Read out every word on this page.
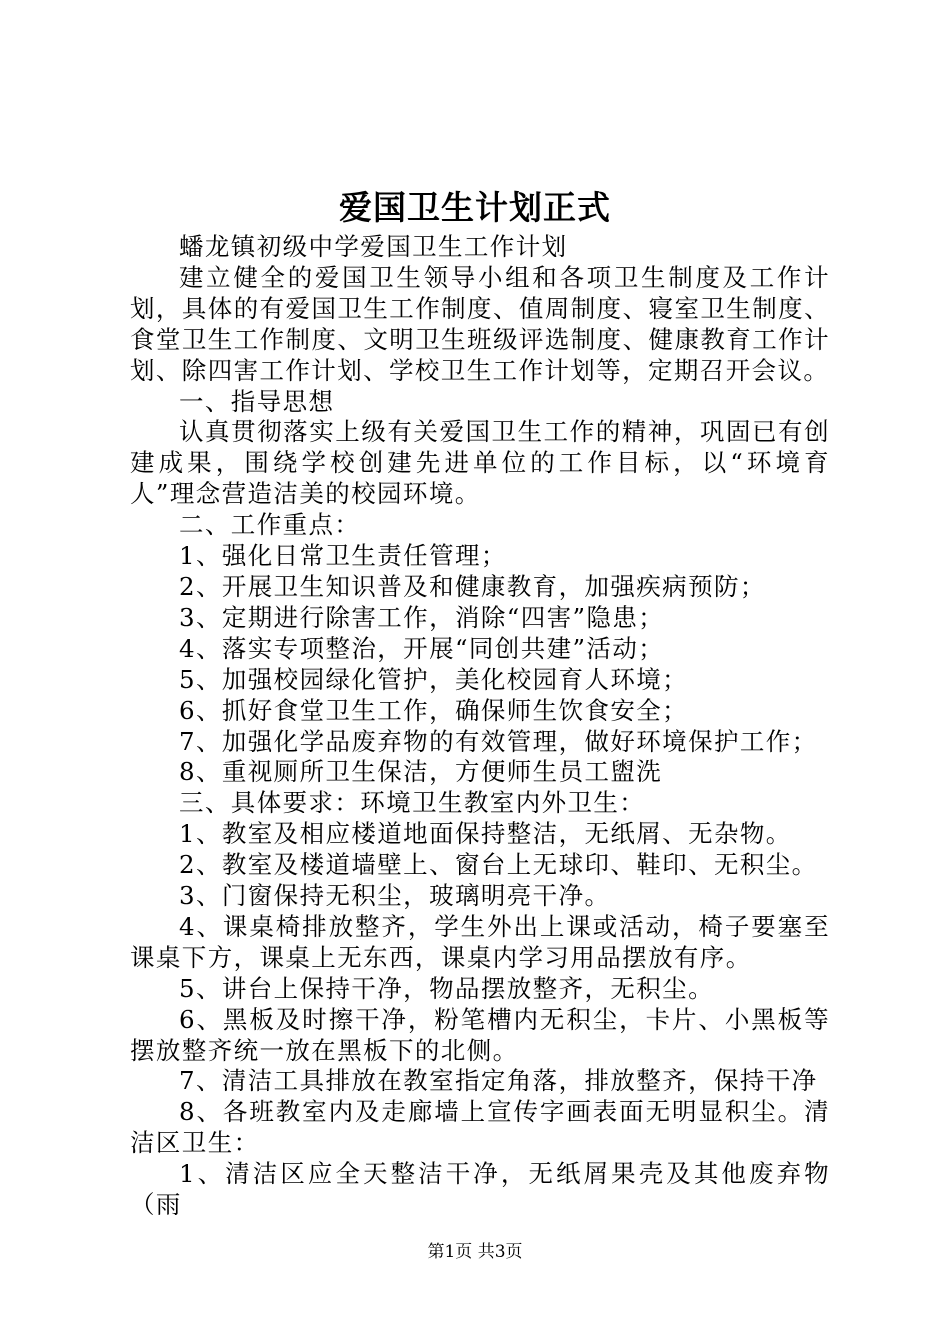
爱国卫生计划正式

蟠龙镇初级中学爱国卫生工作计划

建立健全的爱国卫生领导小组和各项卫生制度及工作计划，具体的有爱国卫生工作制度、值周制度、寝室卫生制度、食堂卫生工作制度、文明卫生班级评选制度、健康教育工作计划、除四害工作计划、学校卫生工作计划等，定期召开会议。

一、指导思想

认真贯彻落实上级有关爱国卫生工作的精神，巩固已有创建成果，围绕学校创建先进单位的工作目标，以“环境育人”理念营造洁美的校园环境。

二、工作重点：

1、强化日常卫生责任管理；

2、开展卫生知识普及和健康教育，加强疾病预防；

3、定期进行除害工作，消除“四害”隐患；

4、落实专项整治，开展“同创共建”活动；

5、加强校园绿化管护，美化校园育人环境；

6、抓好食堂卫生工作，确保师生饮食安全；

7、加强化学品废弃物的有效管理，做好环境保护工作；

8、重视厕所卫生保洁，方便师生员工盥洗

三、具体要求：环境卫生教室内外卫生：

1、教室及相应楼道地面保持整洁，无纸屑、无杂物。

2、教室及楼道墙壁上、窗台上无球印、鞋印、无积尘。

3、门窗保持无积尘，玻璃明亮干净。

4、课桌椅排放整齐，学生外出上课或活动，椅子要塞至课桌下方，课桌上无东西，课桌内学习用品摆放有序。

5、讲台上保持干净，物品摆放整齐，无积尘。

6、黑板及时擦干净，粉笔槽内无积尘，卡片、小黑板等摆放整齐统一放在黑板下的北侧。

7、清洁工具排放在教室指定角落，排放整齐，保持干净

8、各班教室内及走廊墙上宣传字画表面无明显积尘。清洁区卫生：

1、清洁区应全天整洁干净，无纸屑果壳及其他废弃物（雨

第1页 共3页
